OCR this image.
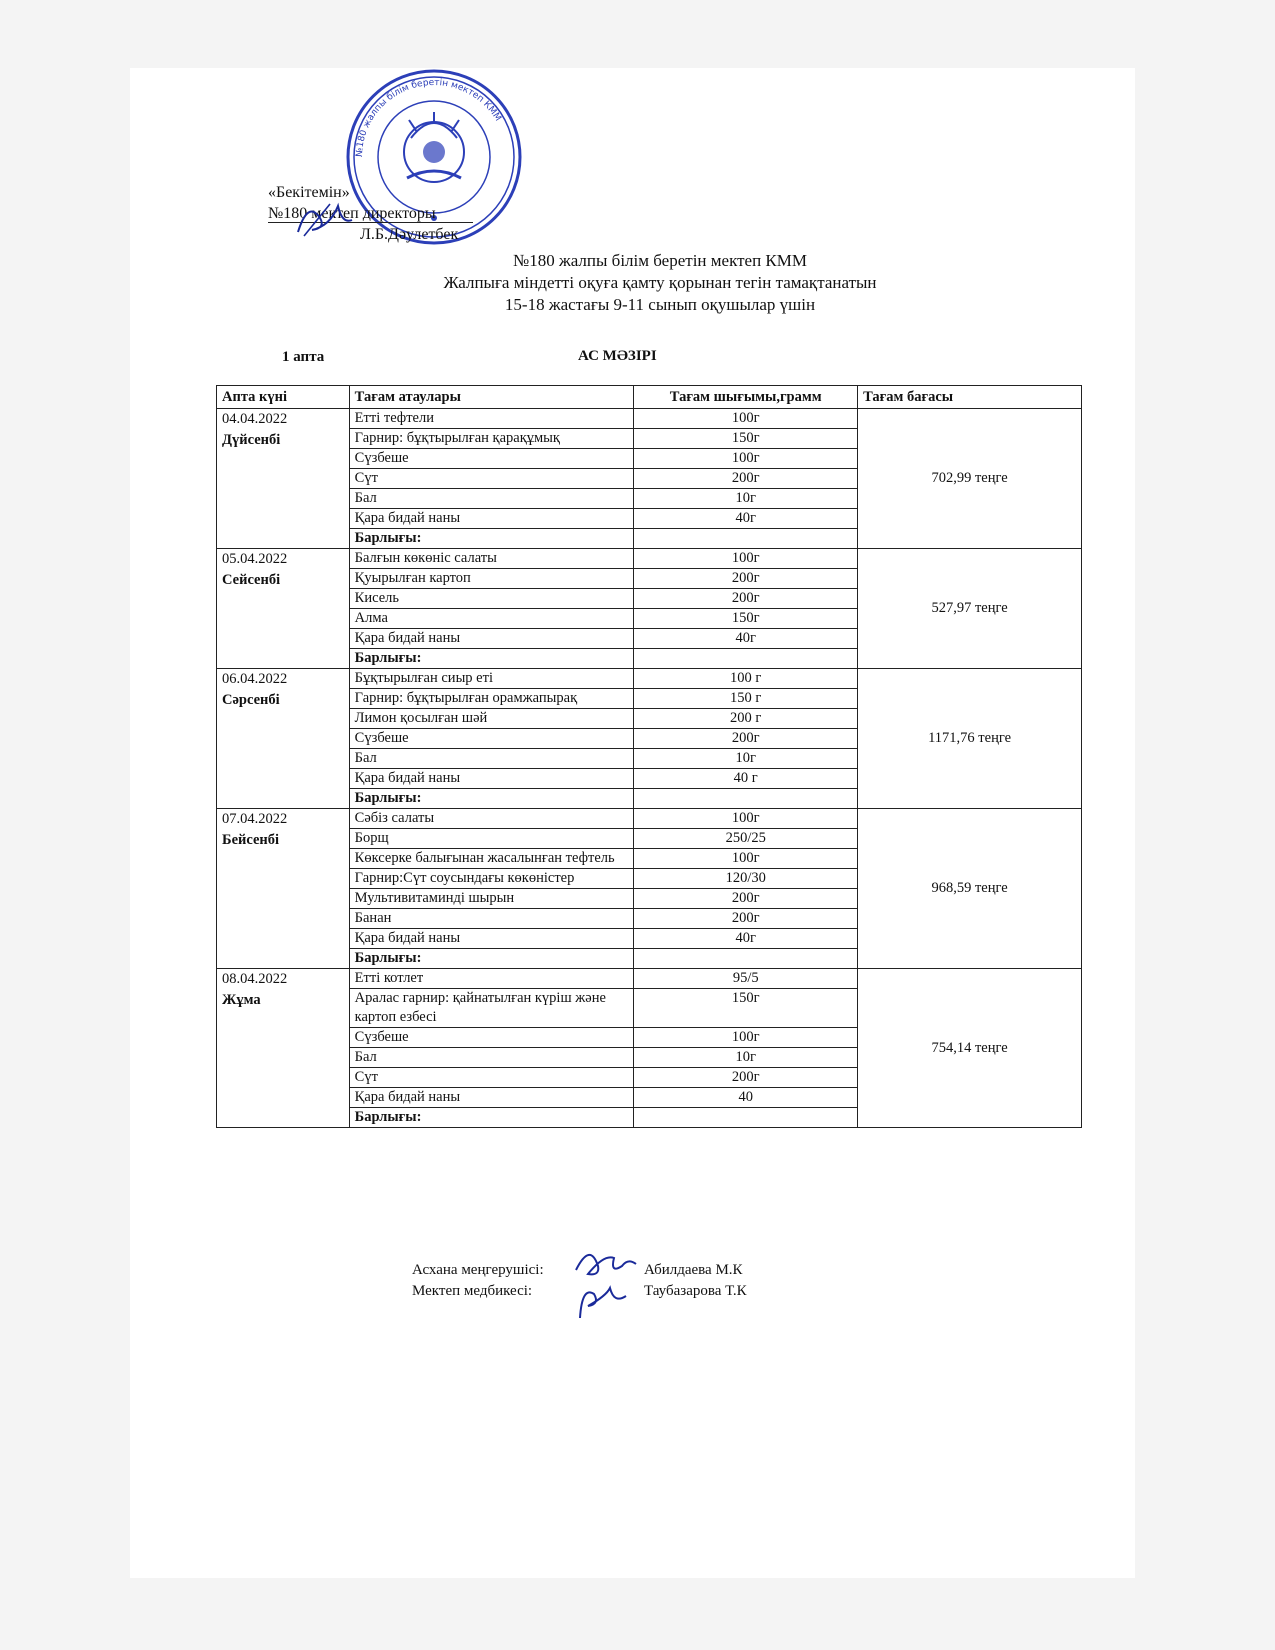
№180 жалпы білім беретін мектеп КММ
«Бекітемін»
№180 мектеп директоры
Л.Б.Дәулетбек
№180 жалпы білім беретін мектеп КММ
Жалпыға міндетті оқуға қамту қорынан тегін тамақтанатын
15-18 жастағы 9-11 сынып оқушылар үшін
1 апта	АС МӘЗІРІ
Апта күні	Тағам атаулары	Тағам шығымы,грамм	Тағам бағасы

04.04.2022
Дүйсенбі	Етті тефтели	100г	702,99 теңге
	Гарнир: бұқтырылған қарақұмық	150г	
	Сүзбеше	100г	
	Сүт	200г	
	Бал	10г	
	Қара бидай наны	40г	
	Барлығы:		

05.04.2022
Сейсенбі	Балғын көкөніс салаты	100г	527,97 теңге
	Қуырылған картоп	200г	
	Кисель	200г	
	Алма	150г	
	Қара бидай наны	40г	
	Барлығы:		

06.04.2022
Сәрсенбі	Бұқтырылған сиыр еті	100 г	1171,76 теңге
	Гарнир: бұқтырылған орамжапырақ	150 г	
	Лимон қосылған шәй	200 г	
	Сүзбеше	200г	
	Бал	10г	
	Қара бидай наны	40 г	
	Барлығы:		

07.04.2022
Бейсенбі	Сәбіз салаты	100г	968,59 теңге
	Борщ	250/25	
	Көксерке балығынан жасалынған тефтель	100г	
	Гарнир:Сүт соусындағы көкөністер	120/30	
	Мультивитаминді шырын	200г	
	Банан	200г	
	Қара бидай наны	40г	
	Барлығы:		

08.04.2022
Жұма	Етті котлет	95/5	754,14 теңге
	Аралас гарнир: қайнатылған күріш және картоп езбесі	150г	
	Сүзбеше	100г	
	Бал	10г	
	Сүт	200г	
	Қара бидай наны	40	
	Барлығы:		
Асхана меңгерушісі:	Абилдаева М.К
Мектеп медбикесі:	Таубазарова Т.К
